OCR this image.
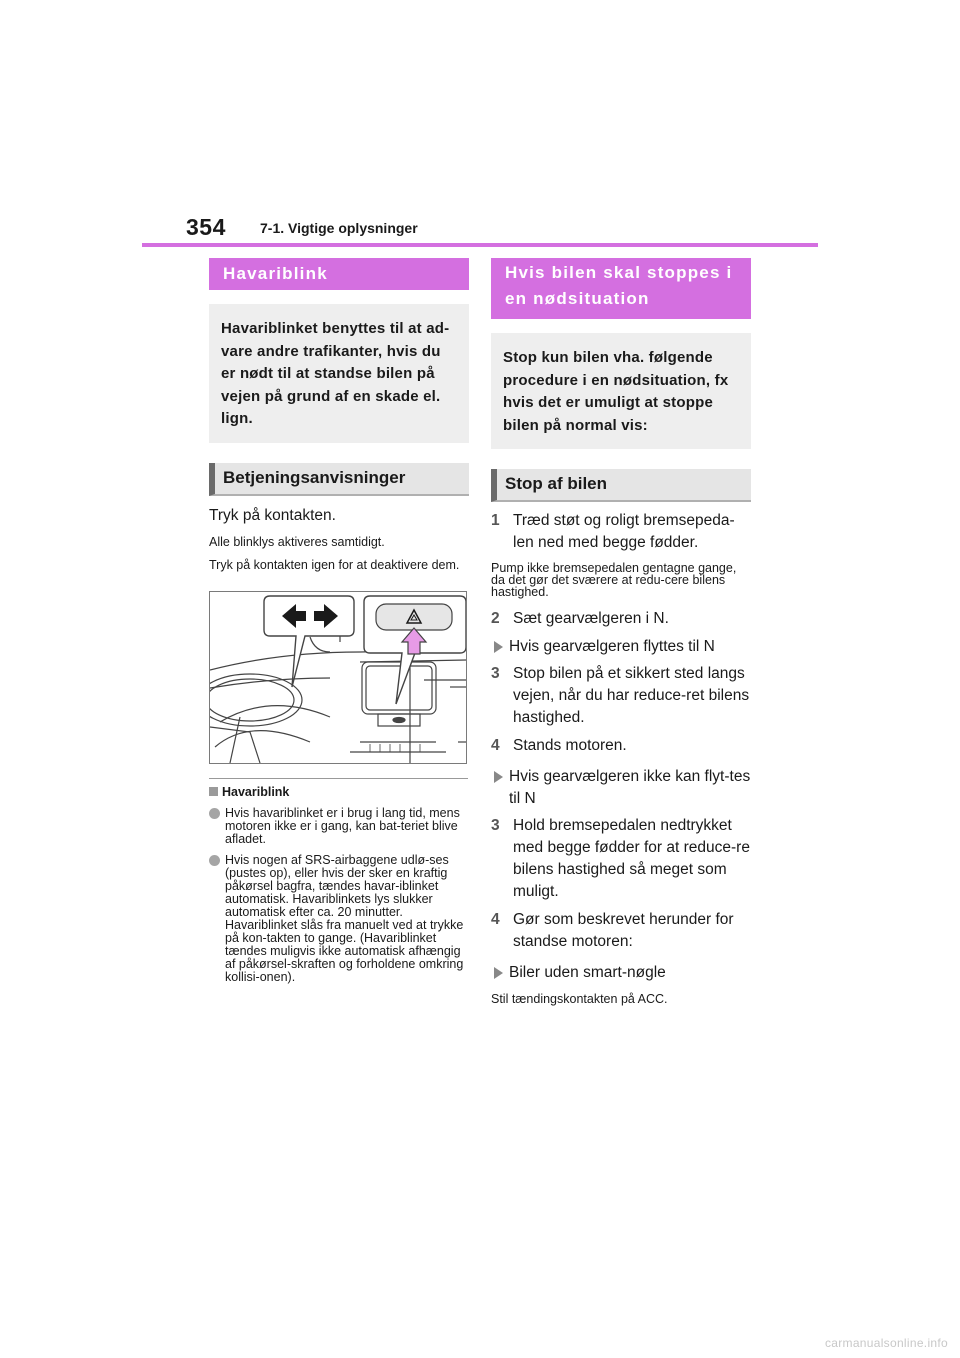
354 7-1. Vigtige oplysninger
Havariblink
Havariblinket benyttes til at ad-vare andre trafikanter, hvis du er nødt til at standse bilen på vejen på grund af en skade el. lign.
Betjeningsanvisninger

Tryk på kontakten.

Alle blinklys aktiveres samtidigt.

Tryk på kontakten igen for at deaktivere dem.

Havariblink
Hvis havariblinket er i brug i lang tid, mens motoren ikke er i gang, kan bat-teriet blive afladet.
Hvis nogen af SRS-airbaggene udlø-ses (pustes op), eller hvis der sker en kraftig påkørsel bagfra, tændes havar-iblinket automatisk. Havariblinkets lys slukker automatisk efter ca. 20 minutter. Havariblinket slås fra manuelt ved at trykke på kon-takten to gange. (Havariblinket tændes muligvis ikke automatisk afhængig af påkørsel-skraften og forholdene omkring kollisi-onen).
Hvis bilen skal stoppes i
en nødsituation
Stop kun bilen vha. følgende procedure i en nødsituation, fx hvis det er umuligt at stoppe bilen på normal vis:
Stop af bilen
1 Træd støt og roligt bremsepeda-len ned med begge fødder.

Pump ikke bremsepedalen gentagne gange, da det gør det sværere at redu-cere bilens hastighed.

2 Sæt gearvælgeren i N.
Hvis gearvælgeren flyttes til N
3 Stop bilen på et sikkert sted langs vejen, når du har reduce-ret bilens hastighed.
4 Stands motoren.
Hvis gearvælgeren ikke kan flyt-tes til N
3 Hold bremsepedalen nedtrykket med begge fødder for at reduce-re bilens hastighed så meget som muligt.
4 Gør som beskrevet herunder for standse motoren:
Biler uden smart-nøgle

Stil tændingskontakten på ACC.

carmanualsonline.info
